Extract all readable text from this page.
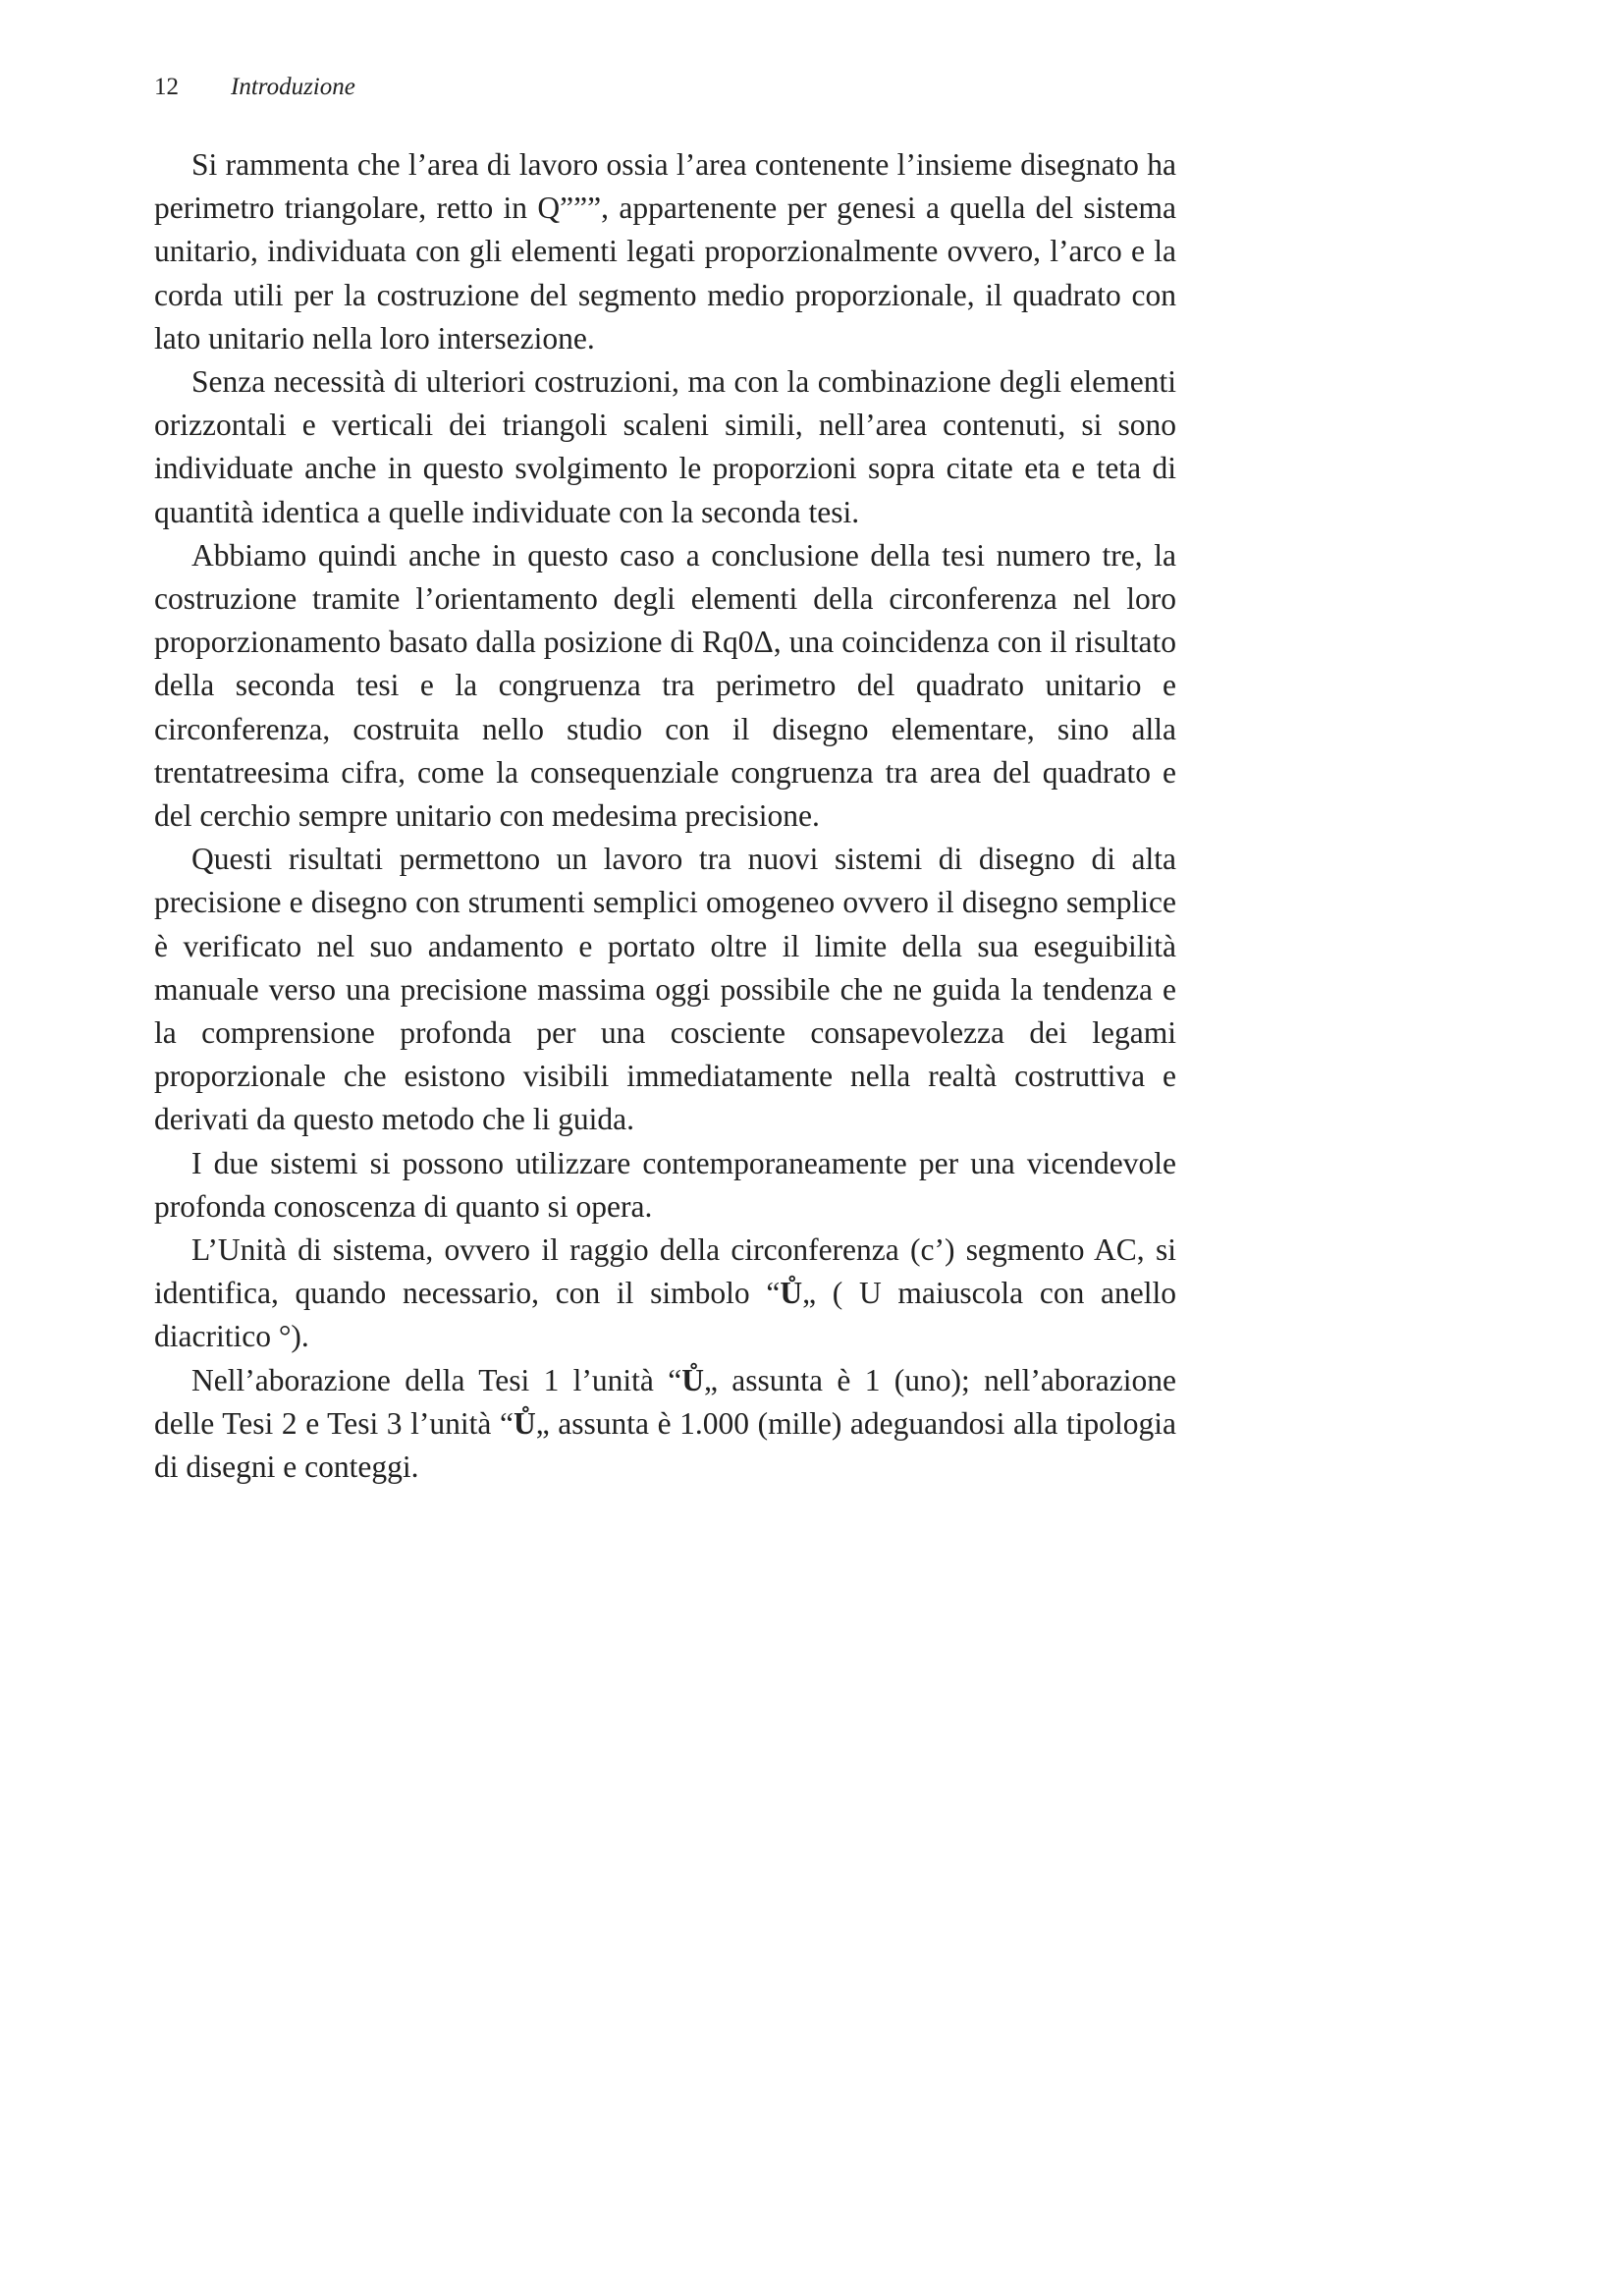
12 Introduzione

Si rammenta che l’area di lavoro ossia l’area contenente l’insieme disegnato ha perimetro triangolare, retto in Q”””, appartenente per genesi a quella del sistema unitario, individuata con gli elementi legati proporzionalmente ovvero, l’arco e la corda utili per la costruzione del segmento medio proporzionale, il quadrato con lato unitario nella loro intersezione.

Senza necessità di ulteriori costruzioni, ma con la combinazione degli elementi orizzontali e verticali dei triangoli scaleni simili, nell’area contenuti, si sono individuate anche in questo svolgimento le proporzioni sopra citate eta e teta di quantità identica a quelle individuate con la seconda tesi.

Abbiamo quindi anche in questo caso a conclusione della tesi numero tre, la costruzione tramite l’orientamento degli elementi della circonferenza nel loro proporzionamento basato dalla posizione di Rq0Δ, una coincidenza con il risultato della seconda tesi e la congruenza tra perimetro del quadrato unitario e circonferenza, costruita nello studio con il disegno elementare, sino alla trentatreesima cifra, come la consequenziale congruenza tra area del quadrato e del cerchio sempre unitario con medesima precisione.

Questi risultati permettono un lavoro tra nuovi sistemi di disegno di alta precisione e disegno con strumenti semplici omogeneo ovvero il disegno semplice è verificato nel suo andamento e portato oltre il limite della sua eseguibilità manuale verso una precisione massima oggi possibile che ne guida la tendenza e la comprensione profonda per una cosciente consapevolezza dei legami proporzionale che esistono visibili immediatamente nella realtà costruttiva e derivati da questo metodo che li guida.

I due sistemi si possono utilizzare contemporaneamente per una vicendevole profonda conoscenza di quanto si opera.

L’Unità di sistema, ovvero il raggio della circonferenza (c’) segmento AC, si identifica, quando necessario, con il simbolo “Ů„ ( U maiuscola con anello diacritico °).

Nell’aborazione della Tesi 1 l’unità “Ů„ assunta è 1 (uno); nell’aborazione delle Tesi 2 e Tesi 3 l’unità “Ů„ assunta è 1.000 (mille) adeguandosi alla tipologia di disegni e conteggi.
